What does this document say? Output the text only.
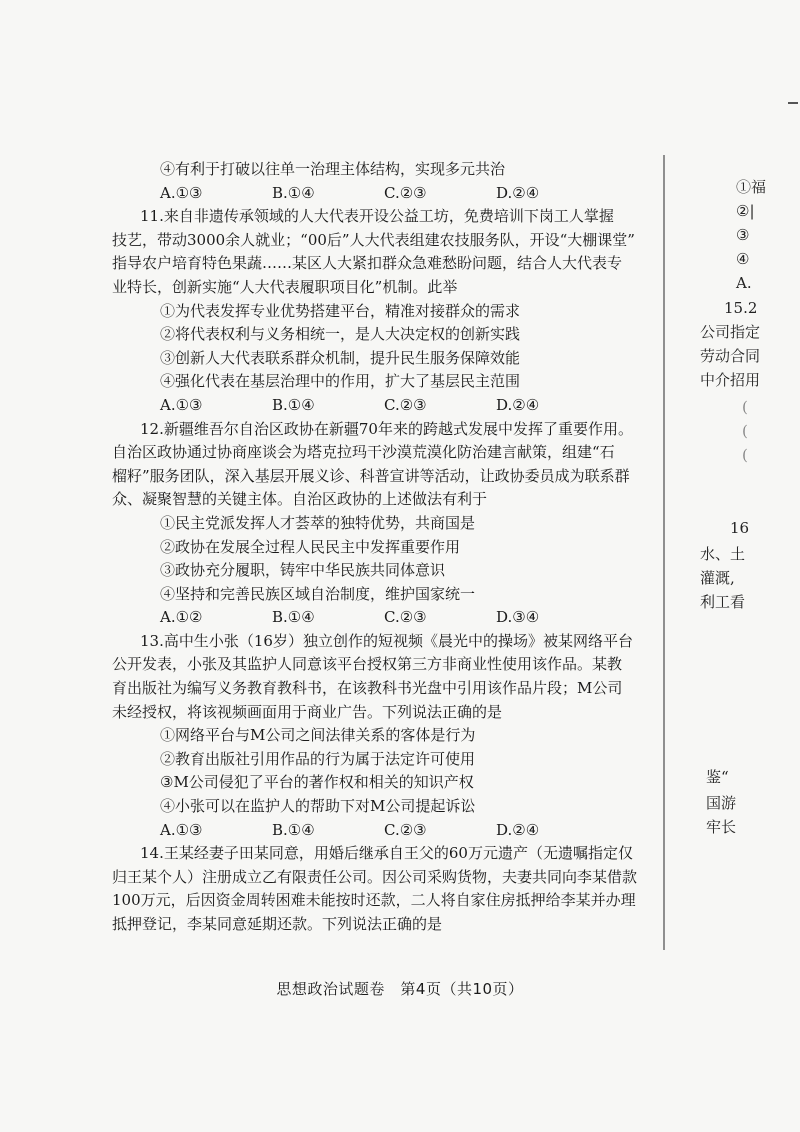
④有利于打破以往单一治理主体结构，实现多元共治
A.①③	B.①④	C.②③	D.②④
11.来自非遗传承领域的人大代表开设公益工坊，免费培训下岗工人掌握
技艺，带动3000余人就业；“00后”人大代表组建农技服务队，开设“大棚课堂”
指导农户培育特色果蔬……某区人大紧扣群众急难愁盼问题，结合人大代表专
业特长，创新实施“人大代表履职项目化”机制。此举
①为代表发挥专业优势搭建平台，精准对接群众的需求
②将代表权利与义务相统一，是人大决定权的创新实践
③创新人大代表联系群众机制，提升民生服务保障效能
④强化代表在基层治理中的作用，扩大了基层民主范围
A.①③	B.①④	C.②③	D.②④
12.新疆维吾尔自治区政协在新疆70年来的跨越式发展中发挥了重要作用。
自治区政协通过协商座谈会为塔克拉玛干沙漠荒漠化防治建言献策，组建“石
榴籽”服务团队，深入基层开展义诊、科普宣讲等活动，让政协委员成为联系群
众、凝聚智慧的关键主体。自治区政协的上述做法有利于
①民主党派发挥人才荟萃的独特优势，共商国是
②政协在发展全过程人民民主中发挥重要作用
③政协充分履职，铸牢中华民族共同体意识
④坚持和完善民族区域自治制度，维护国家统一
A.①②	B.①④	C.②③	D.③④
13.高中生小张（16岁）独立创作的短视频《晨光中的操场》被某网络平台
公开发表，小张及其监护人同意该平台授权第三方非商业性使用该作品。某教
育出版社为编写义务教育教科书，在该教科书光盘中引用该作品片段；M公司
未经授权，将该视频画面用于商业广告。下列说法正确的是
①网络平台与M公司之间法律关系的客体是行为
②教育出版社引用作品的行为属于法定许可使用
③M公司侵犯了平台的著作权和相关的知识产权
④小张可以在监护人的帮助下对M公司提起诉讼
A.①③	B.①④	C.②③	D.②④
14.王某经妻子田某同意，用婚后继承自王父的60万元遗产（无遗嘱指定仅
归王某个人）注册成立乙有限责任公司。因公司采购货物，夫妻共同向李某借款
100万元，后因资金周转困难未能按时还款，二人将自家住房抵押给李某并办理
抵押登记，李某同意延期还款。下列说法正确的是
①福
②|
③
④
A.
15.2
公司指定
劳动合同
中介招用
(
(
(
16
水、土
灌溉,
利工看
鉴“
国游
牢长
思想政治试题卷　第4页（共10页）
